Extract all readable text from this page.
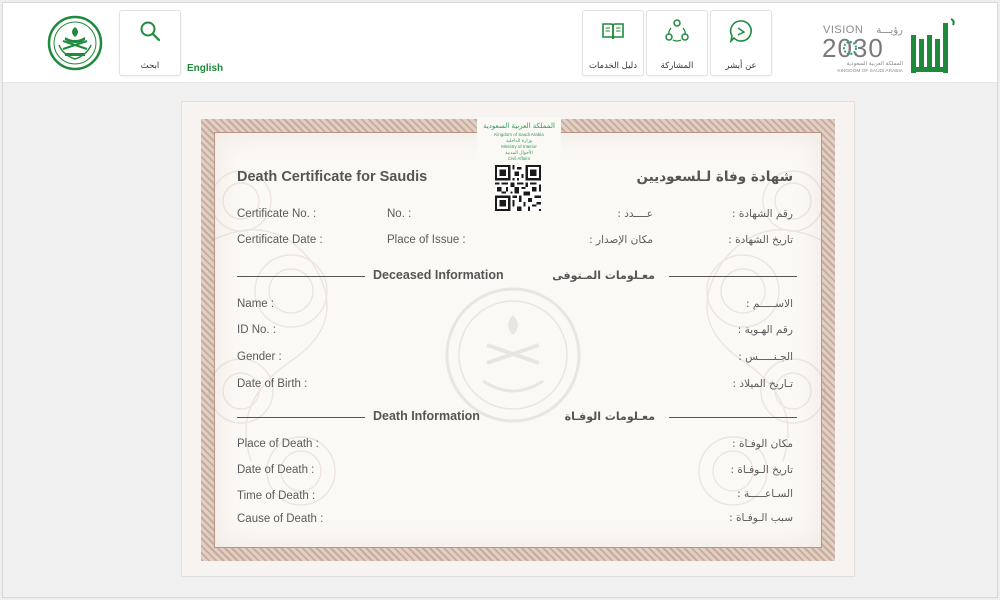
ابحث	English	دليل الخدمات	المشاركة	عن أبشر
VISION رؤيـــة
2030
المملكة العربية السعودية
KINGDOM OF SAUDI ARABIA
المملكة العربية السعودية
Kingdom of Saudi Arabia
وزارة الداخلية
Ministry of Interior
الأحوال المدنية
Civil Affairs
Death Certificate for Saudis	شهادة وفاة لـلسعوديين
Certificate No. :	No. :	عــــدد :	رقم الشهادة :
Certificate Date :	Place of Issue :	مكان الإصدار :	تاريخ الشهادة :
Deceased Information	معـلومات المـتوفى
Name :	الاســـــم :
ID No. :	رقم الهـوية :
Gender :	الجـنـــــس :
Date of Birth :	تـاريخ الميلاد :
Death Information	معـلومات الوفـاة
Place of Death :	مكان الوفـاة :
Date of Death :	تاريخ الـوفـاة :
Time of Death :	السـاعـــــة :
Cause of Death :	سبب الـوفـاة :
